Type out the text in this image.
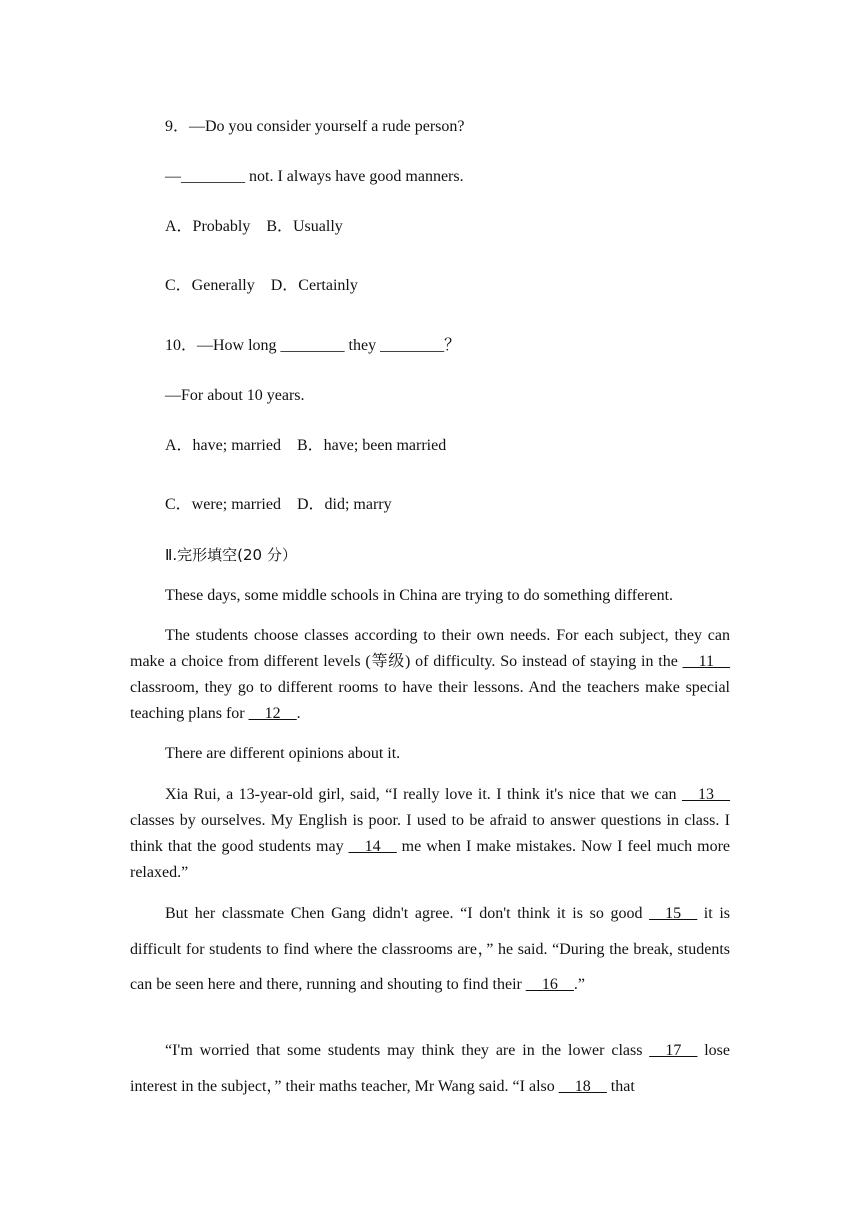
9．—Do you consider yourself a rude person?
—________ not. I always have good manners.
A．Probably　B．Usually
C．Generally　D．Certainly
10．—How long ________ they ________？
—For about 10 years.
A．have; married　B．have; been married
C．were; married　D．did; marry
Ⅱ.完形填空(20 分）
These days, some middle schools in China are trying to do something different.
The students choose classes according to their own needs. For each subject, they can make a choice from different levels (等级) of difficulty. So instead of staying in the __11__ classroom, they go to different rooms to have their lessons. And the teachers make special teaching plans for __12__.
There are different opinions about it.
Xia Rui, a 13-year-old girl, said, “I really love it. I think it's nice that we can __13__ classes by ourselves. My English is poor. I used to be afraid to answer questions in class. I think that the good students may __14__ me when I make mistakes. Now I feel much more relaxed.”
But her classmate Chen Gang didn't agree. “I don't think it is so good __15__ it is difficult for students to find where the classrooms are，” he said. “During the break, students can be seen here and there, running and shouting to find their __16__.”
“I'm worried that some students may think they are in the lower class __17__ lose interest in the subject，” their maths teacher, Mr Wang said. “I also __18__ that
